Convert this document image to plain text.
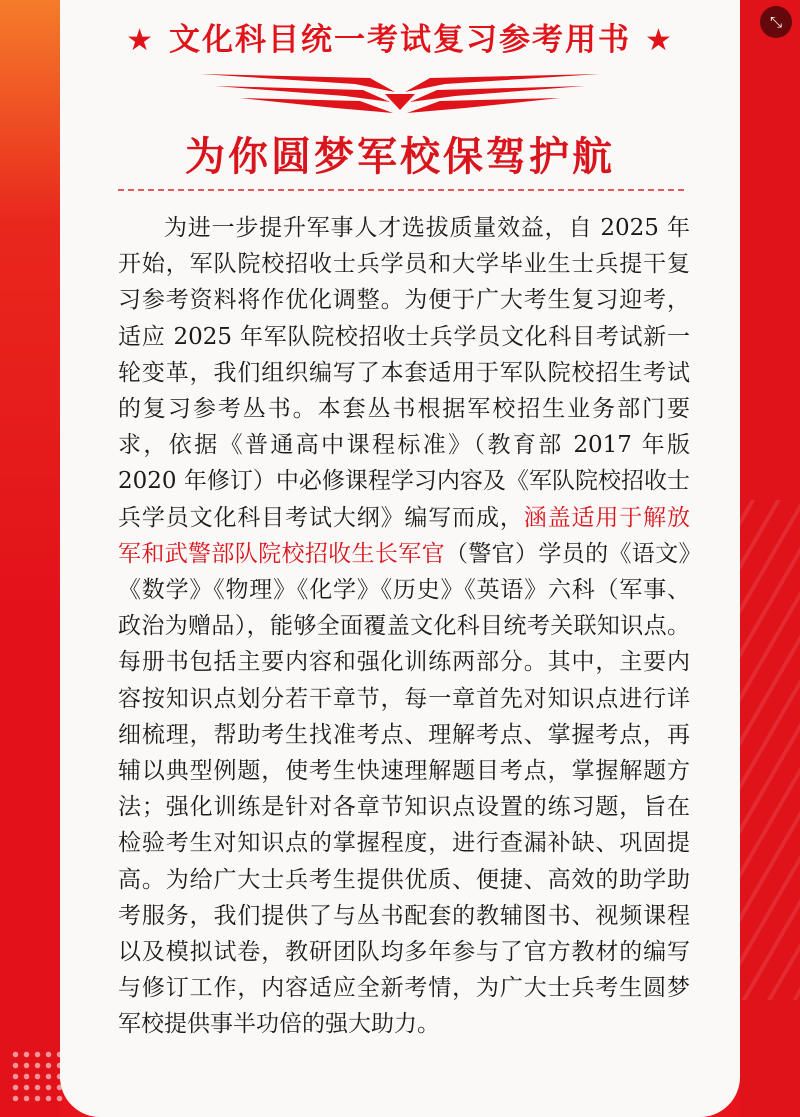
★ 文化科目统一考试复习参考用书 ★
为你圆梦军校保驾护航

为进一步提升军事人才选拔质量效益，自 2025 年开始，军队院校招收士兵学员和大学毕业生士兵提干复习参考资料将作优化调整。为便于广大考生复习迎考，适应 2025 年军队院校招收士兵学员文化科目考试新一轮变革，我们组织编写了本套适用于军队院校招生考试的复习参考丛书。本套丛书根据军校招生业务部门要求，依据《普通高中课程标准》（教育部 2017 年版 2020 年修订）中必修课程学习内容及《军队院校招收士兵学员文化科目考试大纲》编写而成，涵盖适用于解放军和武警部队院校招收生长军官（警官）学员的《语文》《数学》《物理》《化学》《历史》《英语》六科（军事、政治为赠品），能够全面覆盖文化科目统考关联知识点。每册书包括主要内容和强化训练两部分。其中，主要内容按知识点划分若干章节，每一章首先对知识点进行详细梳理，帮助考生找准考点、理解考点、掌握考点，再辅以典型例题，使考生快速理解题目考点，掌握解题方法；强化训练是针对各章节知识点设置的练习题，旨在检验考生对知识点的掌握程度，进行查漏补缺、巩固提高。为给广大士兵考生提供优质、便捷、高效的助学助考服务，我们提供了与丛书配套的教辅图书、视频课程以及模拟试卷，教研团队均多年参与了官方教材的编写与修订工作，内容适应全新考情，为广大士兵考生圆梦军校提供事半功倍的强大助力。

⤡
